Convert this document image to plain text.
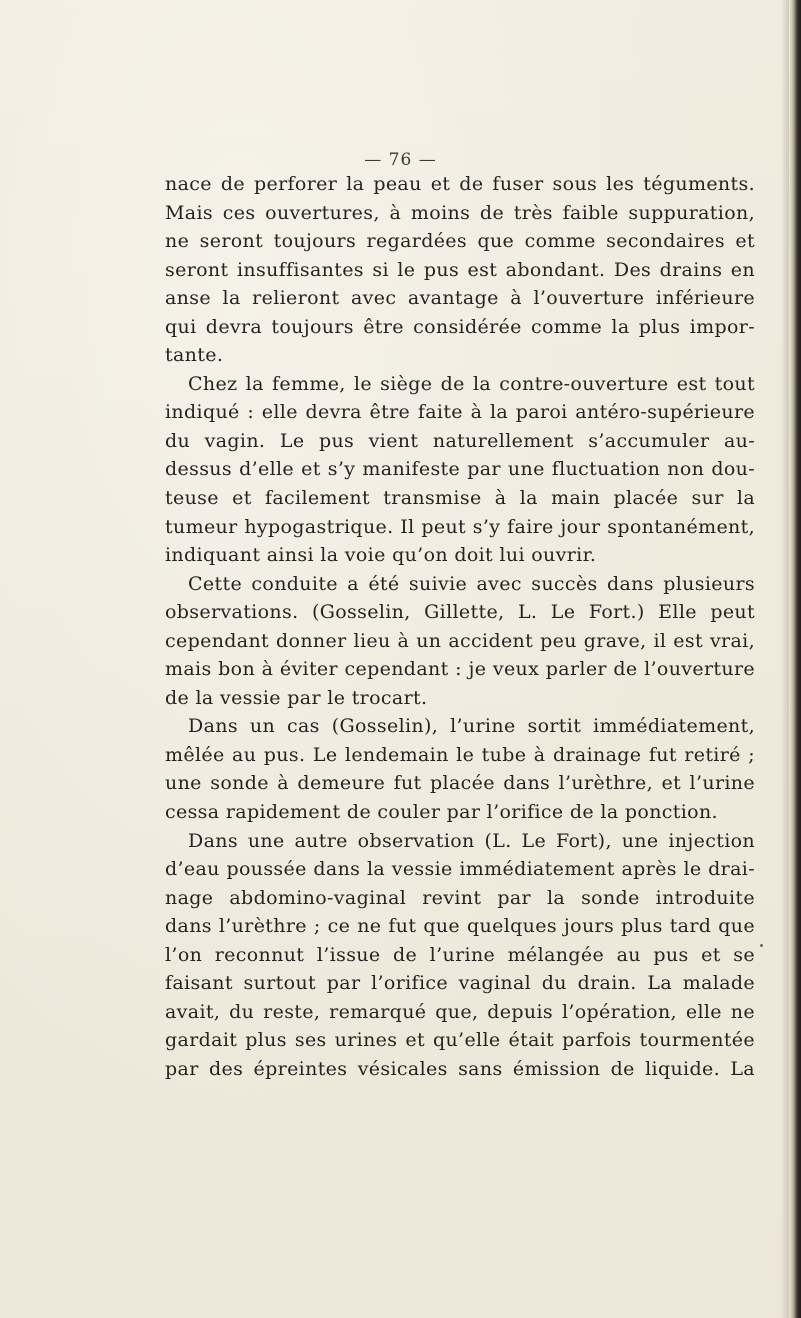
— 76 —
nace de perforer la peau et de fuser sous les téguments.
Mais ces ouvertures, à moins de très faible suppuration,
ne seront toujours regardées que comme secondaires et
seront insuffisantes si le pus est abondant. Des drains en
anse la relieront avec avantage à l’ouverture inférieure
qui devra toujours être considérée comme la plus impor-
tante.
Chez la femme, le siège de la contre-ouverture est tout
indiqué : elle devra être faite à la paroi antéro-supérieure
du vagin. Le pus vient naturellement s’accumuler au-
dessus d’elle et s’y manifeste par une fluctuation non dou-
teuse et facilement transmise à la main placée sur la
tumeur hypogastrique. Il peut s’y faire jour spontanément,
indiquant ainsi la voie qu’on doit lui ouvrir.
Cette conduite a été suivie avec succès dans plusieurs
observations. (Gosselin, Gillette, L. Le Fort.) Elle peut
cependant donner lieu à un accident peu grave, il est vrai,
mais bon à éviter cependant : je veux parler de l’ouverture
de la vessie par le trocart.
Dans un cas (Gosselin), l’urine sortit immédiatement,
mêlée au pus. Le lendemain le tube à drainage fut retiré ;
une sonde à demeure fut placée dans l’urèthre, et l’urine
cessa rapidement de couler par l’orifice de la ponction.
Dans une autre observation (L. Le Fort), une injection
d’eau poussée dans la vessie immédiatement après le drai-
nage abdomino-vaginal revint par la sonde introduite
dans l’urèthre ; ce ne fut que quelques jours plus tard que
l’on reconnut l’issue de l’urine mélangée au pus et se
faisant surtout par l’orifice vaginal du drain. La malade
avait, du reste, remarqué que, depuis l’opération, elle ne
gardait plus ses urines et qu’elle était parfois tourmentée
par des épreintes vésicales sans émission de liquide. La
